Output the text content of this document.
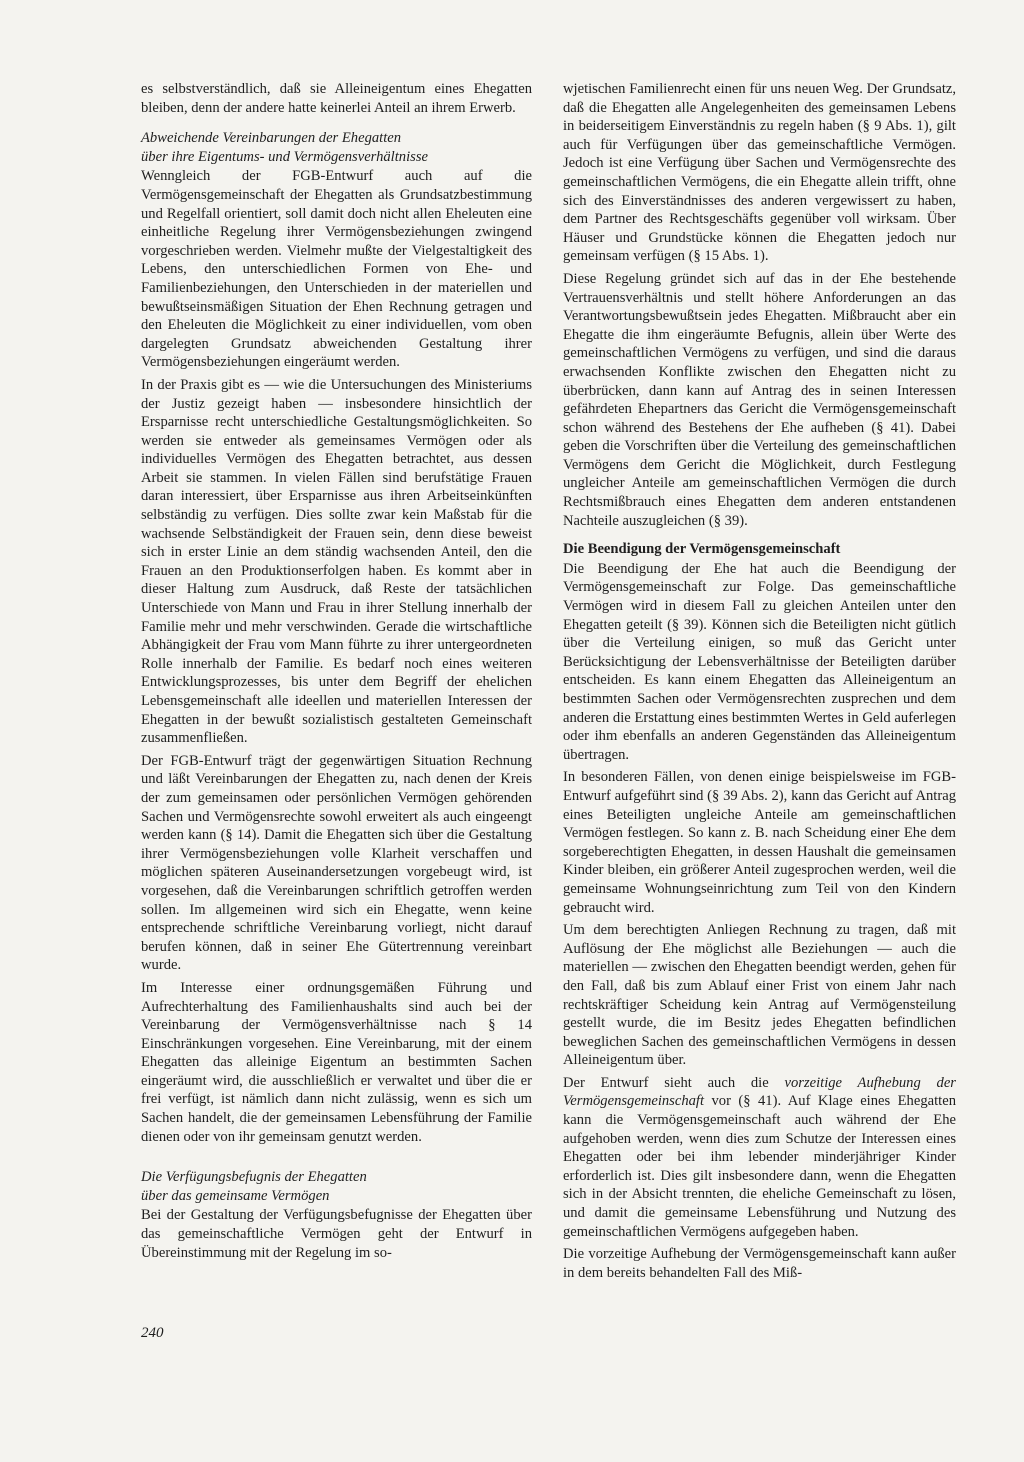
es selbstverständlich, daß sie Alleineigentum eines Ehegatten bleiben, denn der andere hatte keinerlei Anteil an ihrem Erwerb.

Abweichende Vereinbarungen der Ehegatten
über ihre Eigentums- und Vermögensverhältnisse

Wenngleich der FGB-Entwurf auch auf die Vermögensgemeinschaft der Ehegatten als Grundsatzbestimmung und Regelfall orientiert, soll damit doch nicht allen Eheleuten eine einheitliche Regelung ihrer Vermögensbeziehungen zwingend vorgeschrieben werden. Vielmehr mußte der Vielgestaltigkeit des Lebens, den unterschiedlichen Formen von Ehe- und Familienbeziehungen, den Unterschieden in der materiellen und bewußtseinsmäßigen Situation der Ehen Rechnung getragen und den Eheleuten die Möglichkeit zu einer individuellen, vom oben dargelegten Grundsatz abweichenden Gestaltung ihrer Vermögensbeziehungen eingeräumt werden.

In der Praxis gibt es — wie die Untersuchungen des Ministeriums der Justiz gezeigt haben — insbesondere hinsichtlich der Ersparnisse recht unterschiedliche Gestaltungsmöglichkeiten. So werden sie entweder als gemeinsames Vermögen oder als individuelles Vermögen des Ehegatten betrachtet, aus dessen Arbeit sie stammen. In vielen Fällen sind berufstätige Frauen daran interessiert, über Ersparnisse aus ihren Arbeitseinkünften selbständig zu verfügen. Dies sollte zwar kein Maßstab für die wachsende Selbständigkeit der Frauen sein, denn diese beweist sich in erster Linie an dem ständig wachsenden Anteil, den die Frauen an den Produktionserfolgen haben. Es kommt aber in dieser Haltung zum Ausdruck, daß Reste der tatsächlichen Unterschiede von Mann und Frau in ihrer Stellung innerhalb der Familie mehr und mehr verschwinden. Gerade die wirtschaftliche Abhängigkeit der Frau vom Mann führte zu ihrer untergeordneten Rolle innerhalb der Familie. Es bedarf noch eines weiteren Entwicklungsprozesses, bis unter dem Begriff der ehelichen Lebensgemeinschaft alle ideellen und materiellen Interessen der Ehegatten in der bewußt sozialistisch gestalteten Gemeinschaft zusammenfließen.

Der FGB-Entwurf trägt der gegenwärtigen Situation Rechnung und läßt Vereinbarungen der Ehegatten zu, nach denen der Kreis der zum gemeinsamen oder persönlichen Vermögen gehörenden Sachen und Vermögensrechte sowohl erweitert als auch eingeengt werden kann (§ 14). Damit die Ehegatten sich über die Gestaltung ihrer Vermögensbeziehungen volle Klarheit verschaffen und möglichen späteren Auseinandersetzungen vorgebeugt wird, ist vorgesehen, daß die Vereinbarungen schriftlich getroffen werden sollen. Im allgemeinen wird sich ein Ehegatte, wenn keine entsprechende schriftliche Vereinbarung vorliegt, nicht darauf berufen können, daß in seiner Ehe Gütertrennung vereinbart wurde.

Im Interesse einer ordnungsgemäßen Führung und Aufrechterhaltung des Familienhaushalts sind auch bei der Vereinbarung der Vermögensverhältnisse nach § 14 Einschränkungen vorgesehen. Eine Vereinbarung, mit der einem Ehegatten das alleinige Eigentum an bestimmten Sachen eingeräumt wird, die ausschließlich er verwaltet und über die er frei verfügt, ist nämlich dann nicht zulässig, wenn es sich um Sachen handelt, die der gemeinsamen Lebensführung der Familie dienen oder von ihr gemeinsam genutzt werden.

Die Verfügungsbefugnis der Ehegatten
über das gemeinsame Vermögen

Bei der Gestaltung der Verfügungsbefugnisse der Ehegatten über das gemeinschaftliche Vermögen geht der Entwurf in Übereinstimmung mit der Regelung im so-

wjetischen Familienrecht einen für uns neuen Weg. Der Grundsatz, daß die Ehegatten alle Angelegenheiten des gemeinsamen Lebens in beiderseitigem Einverständnis zu regeln haben (§ 9 Abs. 1), gilt auch für Verfügungen über das gemeinschaftliche Vermögen. Jedoch ist eine Verfügung über Sachen und Vermögensrechte des gemeinschaftlichen Vermögens, die ein Ehegatte allein trifft, ohne sich des Einverständnisses des anderen vergewissert zu haben, dem Partner des Rechtsgeschäfts gegenüber voll wirksam. Über Häuser und Grundstücke können die Ehegatten jedoch nur gemeinsam verfügen (§ 15 Abs. 1).

Diese Regelung gründet sich auf das in der Ehe bestehende Vertrauensverhältnis und stellt höhere Anforderungen an das Verantwortungsbewußtsein jedes Ehegatten. Mißbraucht aber ein Ehegatte die ihm eingeräumte Befugnis, allein über Werte des gemeinschaftlichen Vermögens zu verfügen, und sind die daraus erwachsenden Konflikte zwischen den Ehegatten nicht zu überbrücken, dann kann auf Antrag des in seinen Interessen gefährdeten Ehepartners das Gericht die Vermögensgemeinschaft schon während des Bestehens der Ehe aufheben (§ 41). Dabei geben die Vorschriften über die Verteilung des gemeinschaftlichen Vermögens dem Gericht die Möglichkeit, durch Festlegung ungleicher Anteile am gemeinschaftlichen Vermögen die durch Rechtsmißbrauch eines Ehegatten dem anderen entstandenen Nachteile auszugleichen (§ 39).

Die Beendigung der Vermögensgemeinschaft

Die Beendigung der Ehe hat auch die Beendigung der Vermögensgemeinschaft zur Folge. Das gemeinschaftliche Vermögen wird in diesem Fall zu gleichen Anteilen unter den Ehegatten geteilt (§ 39). Können sich die Beteiligten nicht gütlich über die Verteilung einigen, so muß das Gericht unter Berücksichtigung der Lebensverhältnisse der Beteiligten darüber entscheiden. Es kann einem Ehegatten das Alleineigentum an bestimmten Sachen oder Vermögensrechten zusprechen und dem anderen die Erstattung eines bestimmten Wertes in Geld auferlegen oder ihm ebenfalls an anderen Gegenständen das Alleineigentum übertragen.

In besonderen Fällen, von denen einige beispielsweise im FGB-Entwurf aufgeführt sind (§ 39 Abs. 2), kann das Gericht auf Antrag eines Beteiligten ungleiche Anteile am gemeinschaftlichen Vermögen festlegen. So kann z. B. nach Scheidung einer Ehe dem sorgeberechtigten Ehegatten, in dessen Haushalt die gemeinsamen Kinder bleiben, ein größerer Anteil zugesprochen werden, weil die gemeinsame Wohnungseinrichtung zum Teil von den Kindern gebraucht wird.

Um dem berechtigten Anliegen Rechnung zu tragen, daß mit Auflösung der Ehe möglichst alle Beziehungen — auch die materiellen — zwischen den Ehegatten beendigt werden, gehen für den Fall, daß bis zum Ablauf einer Frist von einem Jahr nach rechtskräftiger Scheidung kein Antrag auf Vermögensteilung gestellt wurde, die im Besitz jedes Ehegatten befindlichen beweglichen Sachen des gemeinschaftlichen Vermögens in dessen Alleineigentum über.

Der Entwurf sieht auch die vorzeitige Aufhebung der Vermögensgemeinschaft vor (§ 41). Auf Klage eines Ehegatten kann die Vermögensgemeinschaft auch während der Ehe aufgehoben werden, wenn dies zum Schutze der Interessen eines Ehegatten oder bei ihm lebender minderjähriger Kinder erforderlich ist. Dies gilt insbesondere dann, wenn die Ehegatten sich in der Absicht trennten, die eheliche Gemeinschaft zu lösen, und damit die gemeinsame Lebensführung und Nutzung des gemeinschaftlichen Vermögens aufgegeben haben.

Die vorzeitige Aufhebung der Vermögensgemeinschaft kann außer in dem bereits behandelten Fall des Miß-

240
